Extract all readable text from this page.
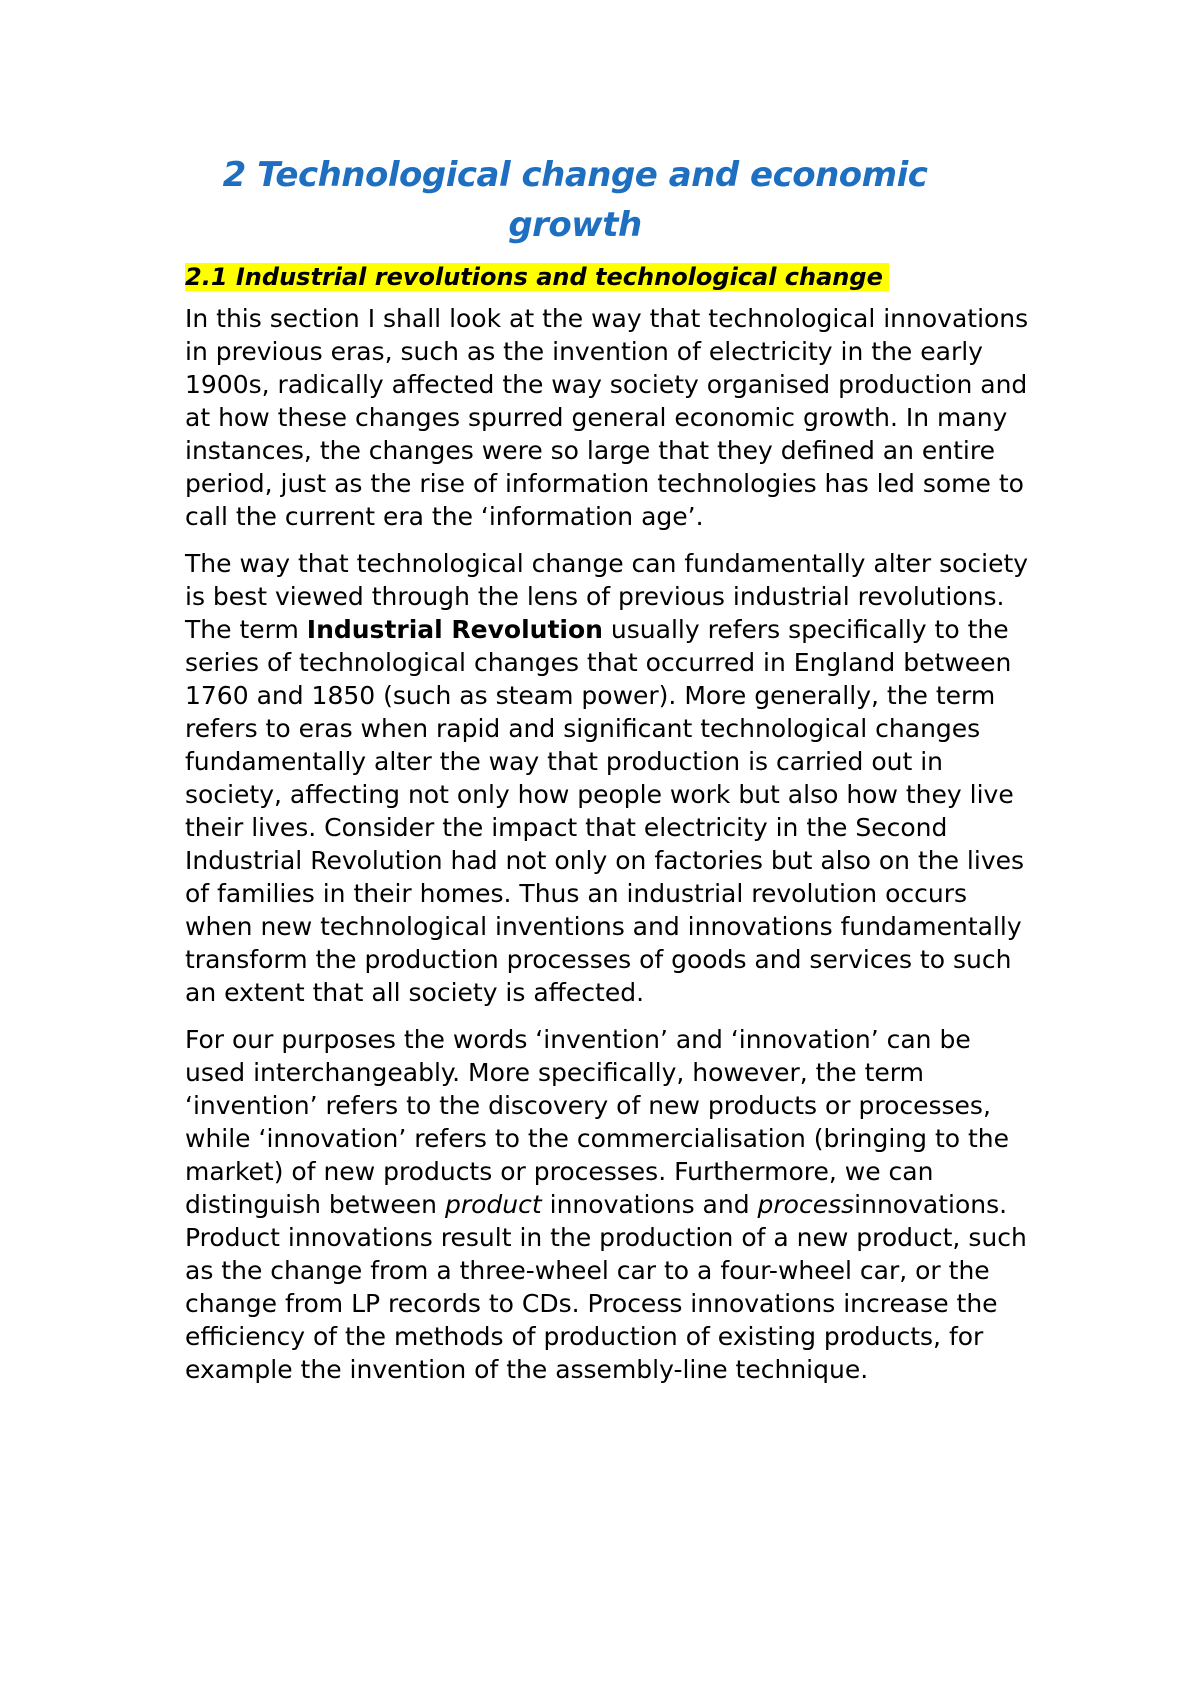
2 Technological change and economic growth
2.1 Industrial revolutions and technological change

In this section I shall look at the way that technological innovations in previous eras, such as the invention of electricity in the early 1900s, radically affected the way society organised production and at how these changes spurred general economic growth. In many instances, the changes were so large that they defined an entire period, just as the rise of information technologies has led some to call the current era the ‘information age’.

The way that technological change can fundamentally alter society is best viewed through the lens of previous industrial revolutions. The term Industrial Revolution usually refers specifically to the series of technological changes that occurred in England between 1760 and 1850 (such as steam power). More generally, the term refers to eras when rapid and significant technological changes fundamentally alter the way that production is carried out in society, affecting not only how people work but also how they live their lives. Consider the impact that electricity in the Second Industrial Revolution had not only on factories but also on the lives of families in their homes. Thus an industrial revolution occurs when new technological inventions and innovations fundamentally transform the production processes of goods and services to such an extent that all society is affected.

For our purposes the words ‘invention’ and ‘innovation’ can be used interchangeably. More specifically, however, the term ‘invention’ refers to the discovery of new products or processes, while ‘innovation’ refers to the commercialisation (bringing to the market) of new products or processes. Furthermore, we can distinguish between product innovations and processinnovations. Product innovations result in the production of a new product, such as the change from a three-wheel car to a four-wheel car, or the change from LP records to CDs. Process innovations increase the efficiency of the methods of production of existing products, for example the invention of the assembly-line technique.
